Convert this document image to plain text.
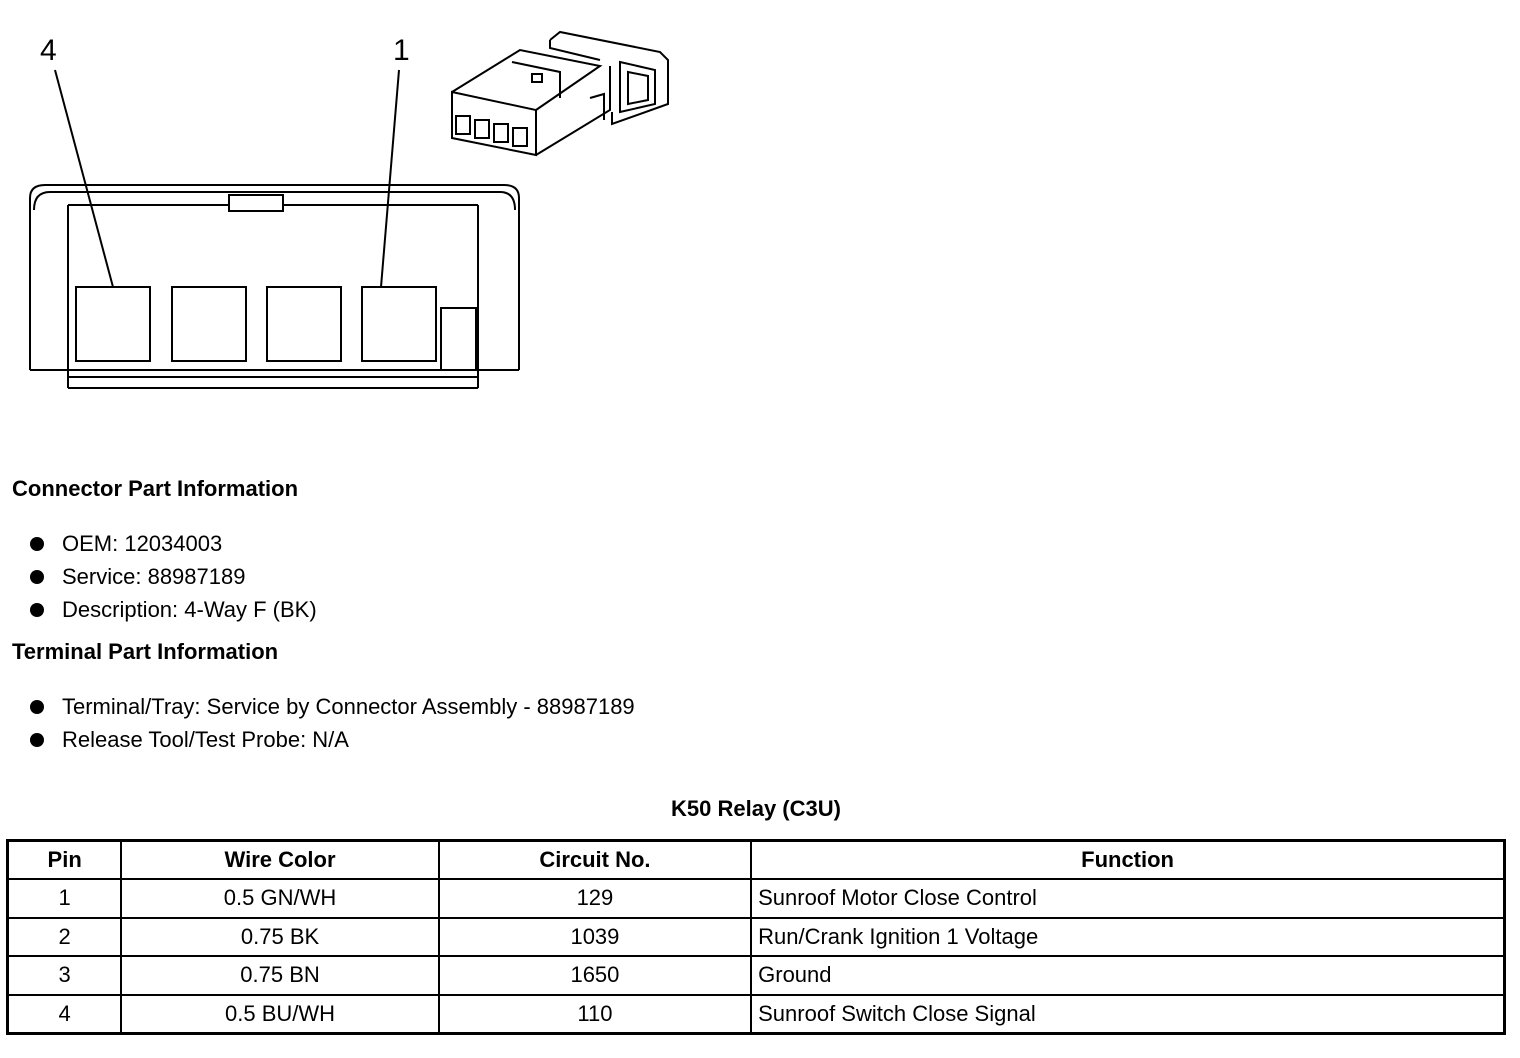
4	1
Connector Part Information
OEM: 12034003
Service: 88987189
Description: 4-Way F (BK)
Terminal Part Information
Terminal/Tray: Service by Connector Assembly - 88987189
Release Tool/Test Probe: N/A
K50 Relay (C3U)
Pin	Wire Color	Circuit No.	Function
1	0.5 GN/WH	129	Sunroof Motor Close Control
2	0.75 BK	1039	Run/Crank Ignition 1 Voltage
3	0.75 BN	1650	Ground
4	0.5 BU/WH	110	Sunroof Switch Close Signal
